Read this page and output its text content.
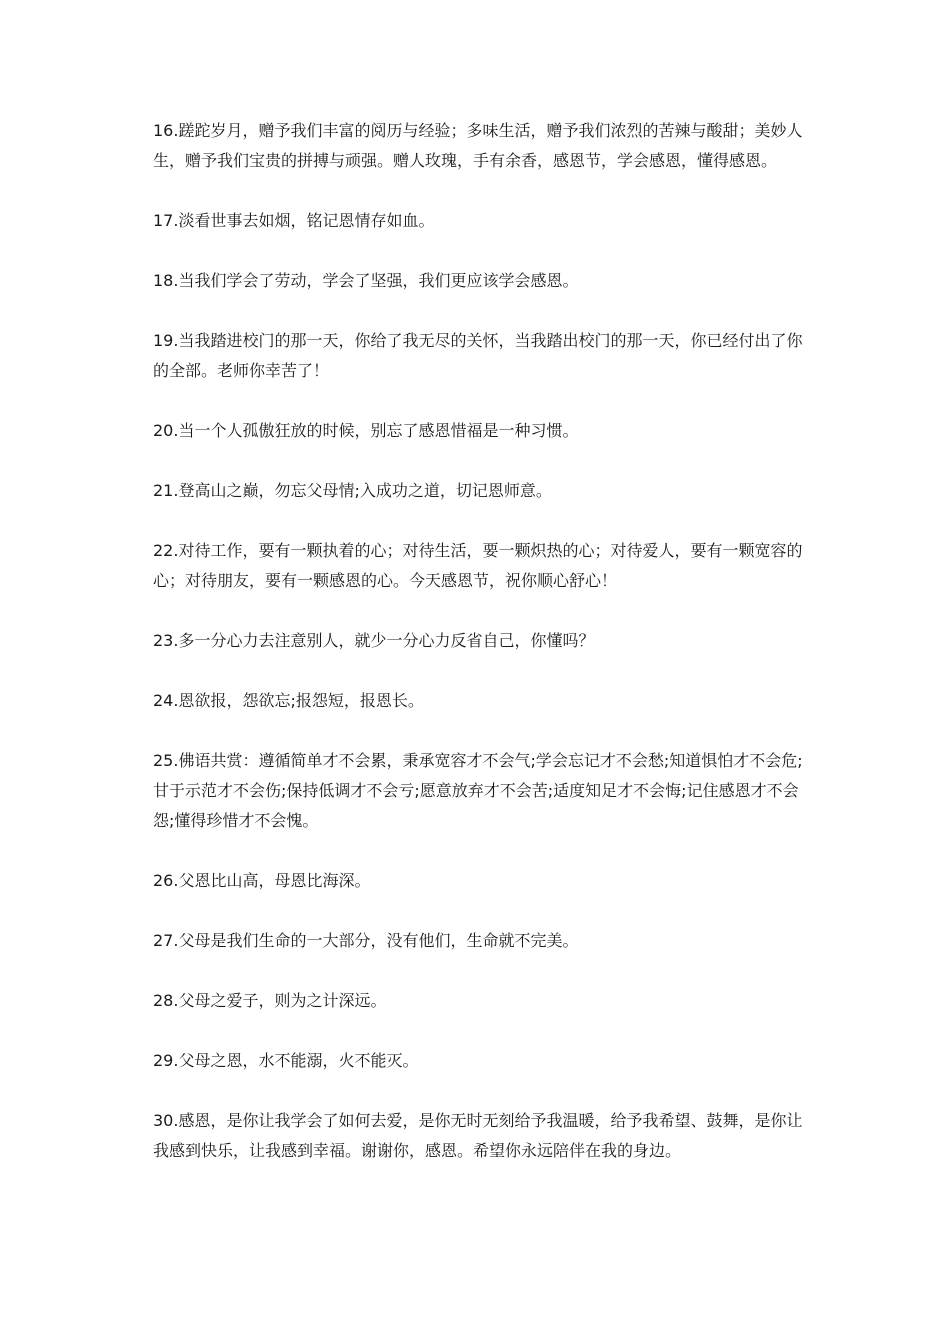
16.蹉跎岁月，赠予我们丰富的阅历与经验；多味生活，赠予我们浓烈的苦辣与酸甜；美妙人生，赠予我们宝贵的拼搏与顽强。赠人玫瑰，手有余香，感恩节，学会感恩，懂得感恩。

17.淡看世事去如烟，铭记恩情存如血。

18.当我们学会了劳动，学会了坚强，我们更应该学会感恩。

19.当我踏进校门的那一天，你给了我无尽的关怀，当我踏出校门的那一天，你已经付出了你的全部。老师你幸苦了！

20.当一个人孤傲狂放的时候，别忘了感恩惜福是一种习惯。

21.登高山之巅，勿忘父母情;入成功之道，切记恩师意。

22.对待工作，要有一颗执着的心；对待生活，要一颗炽热的心；对待爱人，要有一颗宽容的心；对待朋友，要有一颗感恩的心。今天感恩节，祝你顺心舒心！

23.多一分心力去注意别人，就少一分心力反省自己，你懂吗？

24.恩欲报，怨欲忘;报怨短，报恩长。

25.佛语共赏：遵循简单才不会累，秉承宽容才不会气;学会忘记才不会愁;知道惧怕才不会危;甘于示范才不会伤;保持低调才不会亏;愿意放弃才不会苦;适度知足才不会悔;记住感恩才不会怨;懂得珍惜才不会愧。

26.父恩比山高，母恩比海深。

27.父母是我们生命的一大部分，没有他们，生命就不完美。

28.父母之爱子，则为之计深远。

29.父母之恩，水不能溺，火不能灭。

30.感恩，是你让我学会了如何去爱，是你无时无刻给予我温暖，给予我希望、鼓舞，是你让我感到快乐，让我感到幸福。谢谢你，感恩。希望你永远陪伴在我的身边。
